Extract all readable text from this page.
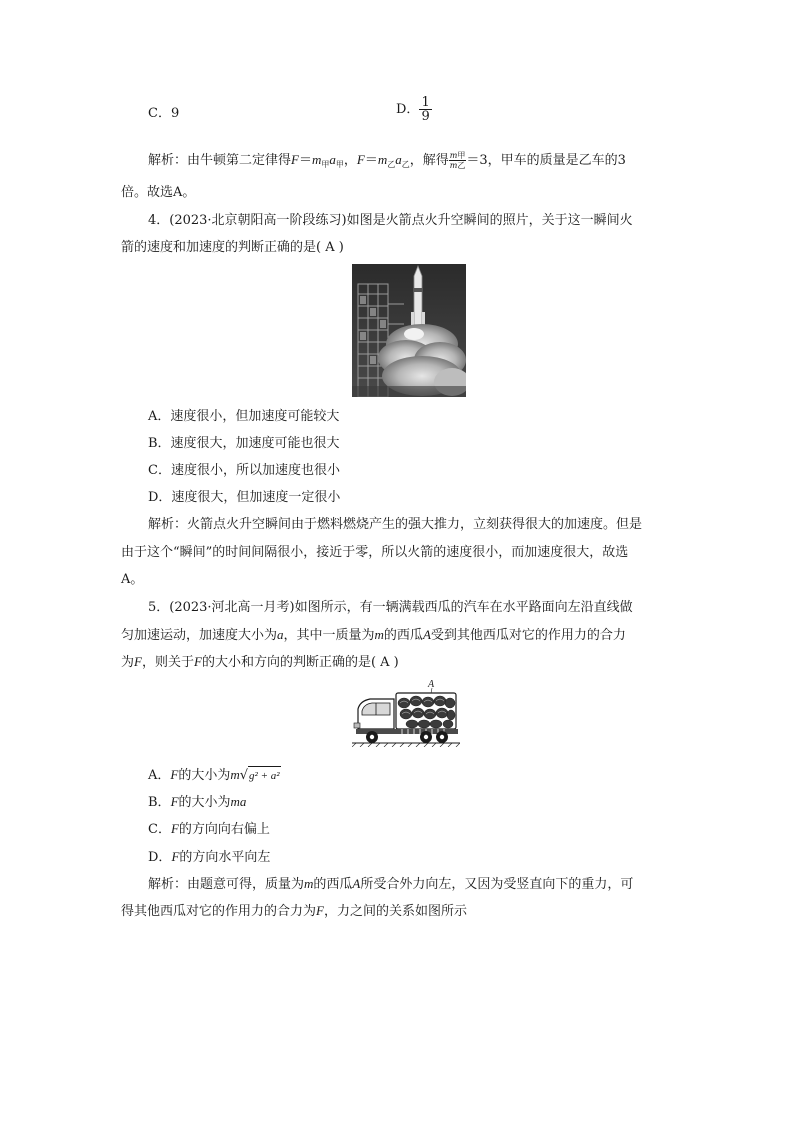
C．9	D． $\frac{1}{9}$
解析：由牛顿第二定律得$F=m_甲a_甲$，$F=m_乙a_乙$，解得 $\frac{\text{m甲}}{\text{m乙}} =3$，甲车的质量是乙车的3
倍。故选A。
4．(2023·北京朝阳高一阶段练习)如图是火箭点火升空瞬间的照片，关于这一瞬间火
箭的速度和加速度的判断正确的是( A )
A．速度很小，但加速度可能较大
B．速度很大，加速度可能也很大
C．速度很小，所以加速度也很小
D．速度很大，但加速度一定很小
解析：火箭点火升空瞬间由于燃料燃烧产生的强大推力，立刻获得很大的加速度。但是
由于这个“瞬间”的时间间隔很小，接近于零，所以火箭的速度很小，而加速度很大，故选
A。
5．(2023·河北高一月考)如图所示，有一辆满载西瓜的汽车在水平路面向左沿直线做
匀加速运动，加速度大小为a，其中一质量为m的西瓜A受到其他西瓜对它的作用力的合力
为F，则关于F的大小和方向的判断正确的是( A )
A
A．F的大小为m√g² + a²
B．F的大小为ma
C．F的方向向右偏上
D．F的方向水平向左
解析：由题意可得，质量为m的西瓜A所受合外力向左，又因为受竖直向下的重力，可
得其他西瓜对它的作用力的合力为F，力之间的关系如图所示
